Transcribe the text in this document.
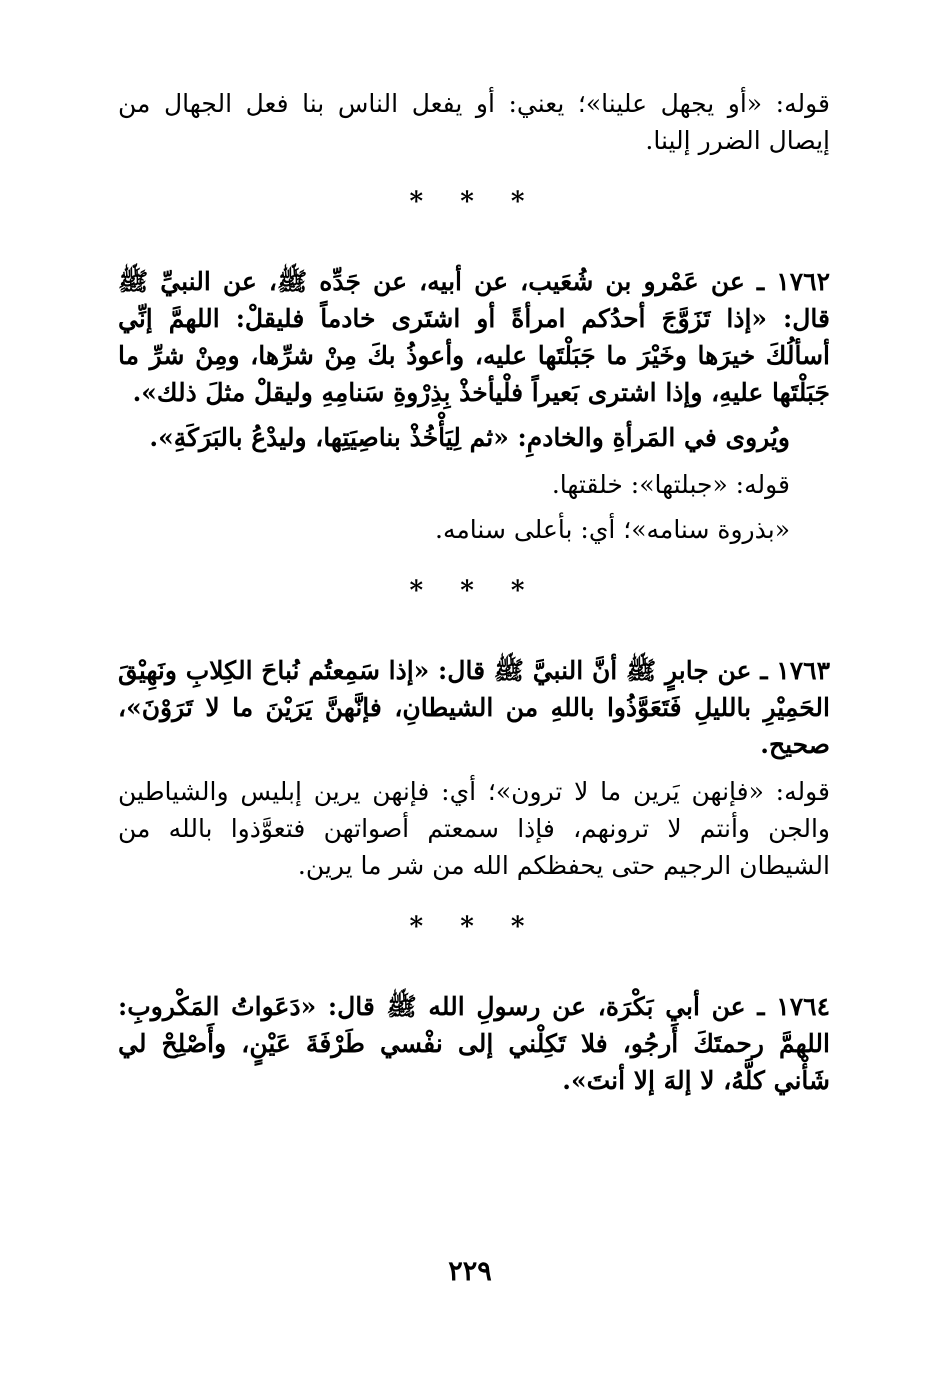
قوله: «أو يجهل علينا»؛ يعني: أو يفعل الناس بنا فعل الجهال من إيصال الضرر إلينا.

* * *

١٧٦٢ ـ عن عَمْرو بن شُعَيب، عن أبيه، عن جَدِّه ﷺ، عن النبيِّ ﷺ قال: «إذا تَزَوَّجَ أحدُكم امرأةً أو اشتَرى خادماً فليقلْ: اللهمَّ إنِّي أسألُكَ خيرَها وخَيْرَ ما جَبَلْتَها عليه، وأعوذُ بكَ مِنْ شرِّها، ومِنْ شرِّ ما جَبَلْتَها عليهِ، وإذا اشترى بَعيراً فلْيأخذْ بِذِرْوةِ سَنامِهِ وليقلْ مثلَ ذلك».

ويُروى في المَرأةِ والخادمِ: «ثم لِيَأْخُذْ بناصِيَتِها، وليدْعُ بالبَرَكَةِ».

قوله: «جبلتها»: خلقتها.

«بذروة سنامه»؛ أي: بأعلى سنامه.

* * *

١٧٦٣ ـ عن جابرٍ ﷺ أنَّ النبيَّ ﷺ قال: «إذا سَمِعتُم نُباحَ الكِلابِ ونَهِيْقَ الحَمِيْرِ بالليلِ فَتَعَوَّذُوا باللهِ من الشيطانِ، فإنَّهنَّ يَرَيْنَ ما لا تَرَوْنَ»، صحيح.

قوله: «فإنهن يَرين ما لا ترون»؛ أي: فإنهن يرين إبليس والشياطين والجن وأنتم لا ترونهم، فإذا سمعتم أصواتهن فتعوَّذوا بالله من الشيطان الرجيم حتى يحفظكم الله من شر ما يرين.

* * *

١٧٦٤ ـ عن أبي بَكْرَة، عن رسولِ الله ﷺ قال: «دَعَواتُ المَكْروبِ: اللهمَّ رحمتَكَ أَرجُو، فلا تَكِلْني إلى نفْسي طَرْفَةَ عَيْنٍ، وأَصْلِحْ لي شَأْني كلَّهُ، لا إلهَ إلا أنتَ».

٢٢٩
